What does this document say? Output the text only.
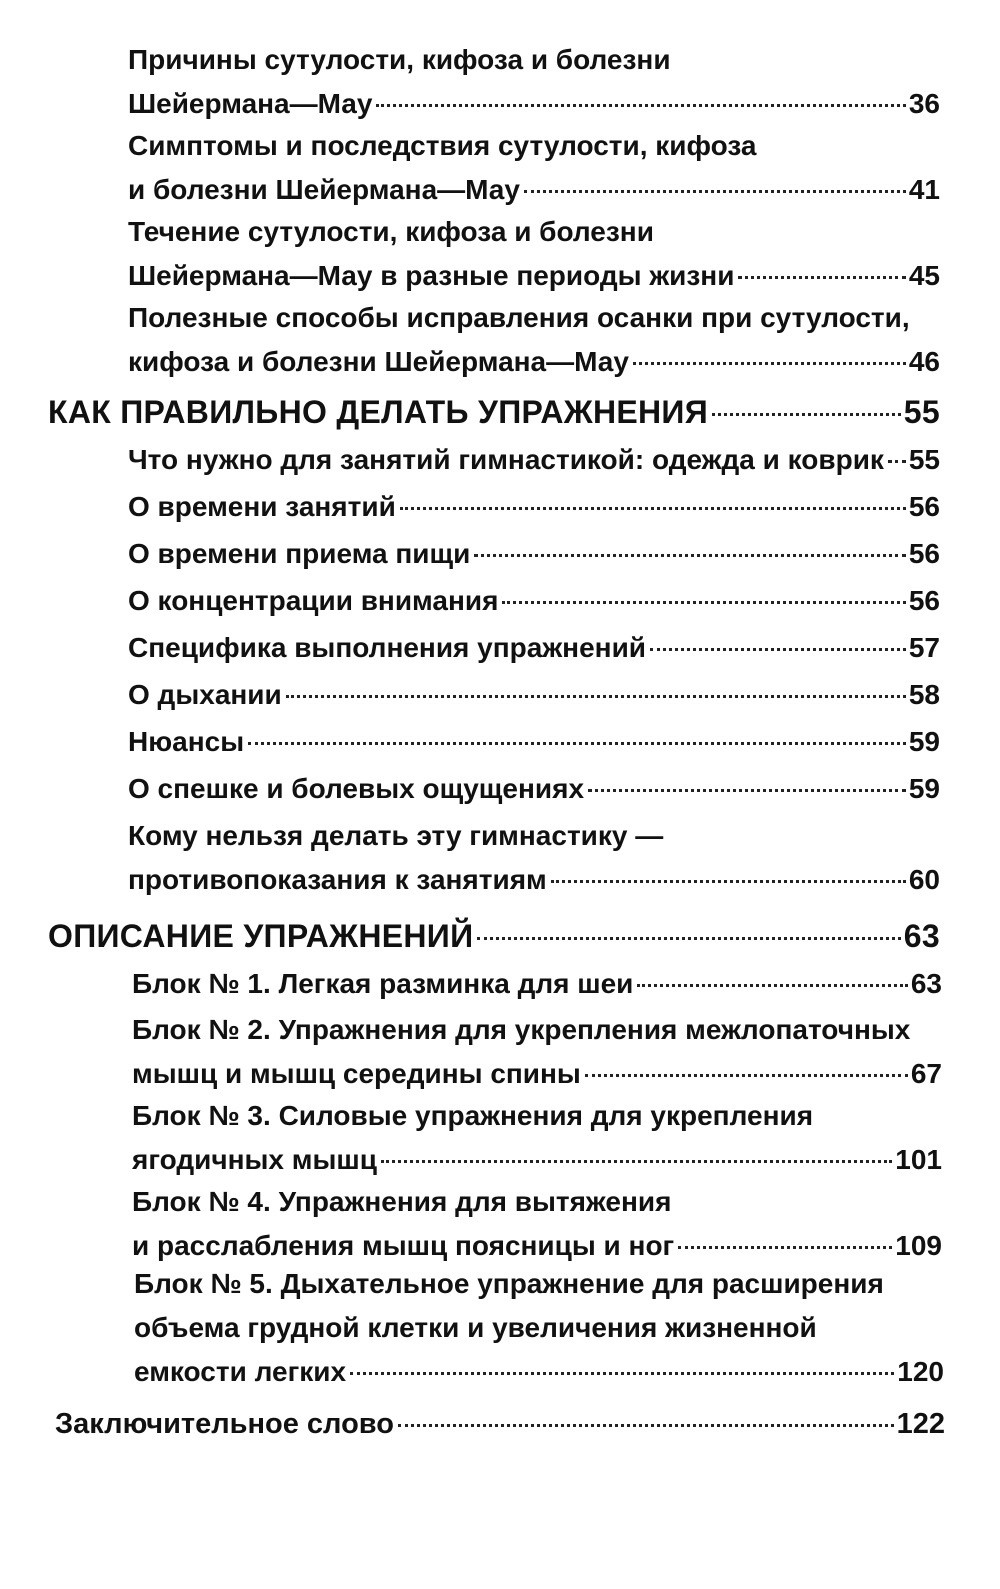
Причины сутулости, кифоза и болезни
Шейермана—Мау	36
Симптомы и последствия сутулости, кифоза
и болезни Шейермана—Мау	41
Течение сутулости, кифоза и болезни
Шейермана—Мау в разные периоды жизни	45
Полезные способы исправления осанки при сутулости,
кифоза и болезни Шейермана—Мау	46
КАК ПРАВИЛЬНО ДЕЛАТЬ УПРАЖНЕНИЯ	55
Что нужно для занятий гимнастикой: одежда и коврик 55
О времени занятий	56
О времени приема пищи	56
О концентрации внимания	56
Специфика выполнения упражнений	57
О дыхании	58
Нюансы	59
О спешке и болевых ощущениях	59
Кому нельзя делать эту гимнастику —
противопоказания к занятиям	60
ОПИСАНИЕ УПРАЖНЕНИЙ	63
Блок № 1. Легкая разминка для шеи	63
Блок № 2. Упражнения для укрепления межлопаточных
мышц и мышц середины спины	67
Блок № 3. Силовые упражнения для укрепления
ягодичных мышц	101
Блок № 4. Упражнения для вытяжения
и расслабления мышц поясницы и ног	109
Блок № 5. Дыхательное упражнение для расширения
объема грудной клетки и увеличения жизненной
емкости легких	120
Заключительное слово	122
